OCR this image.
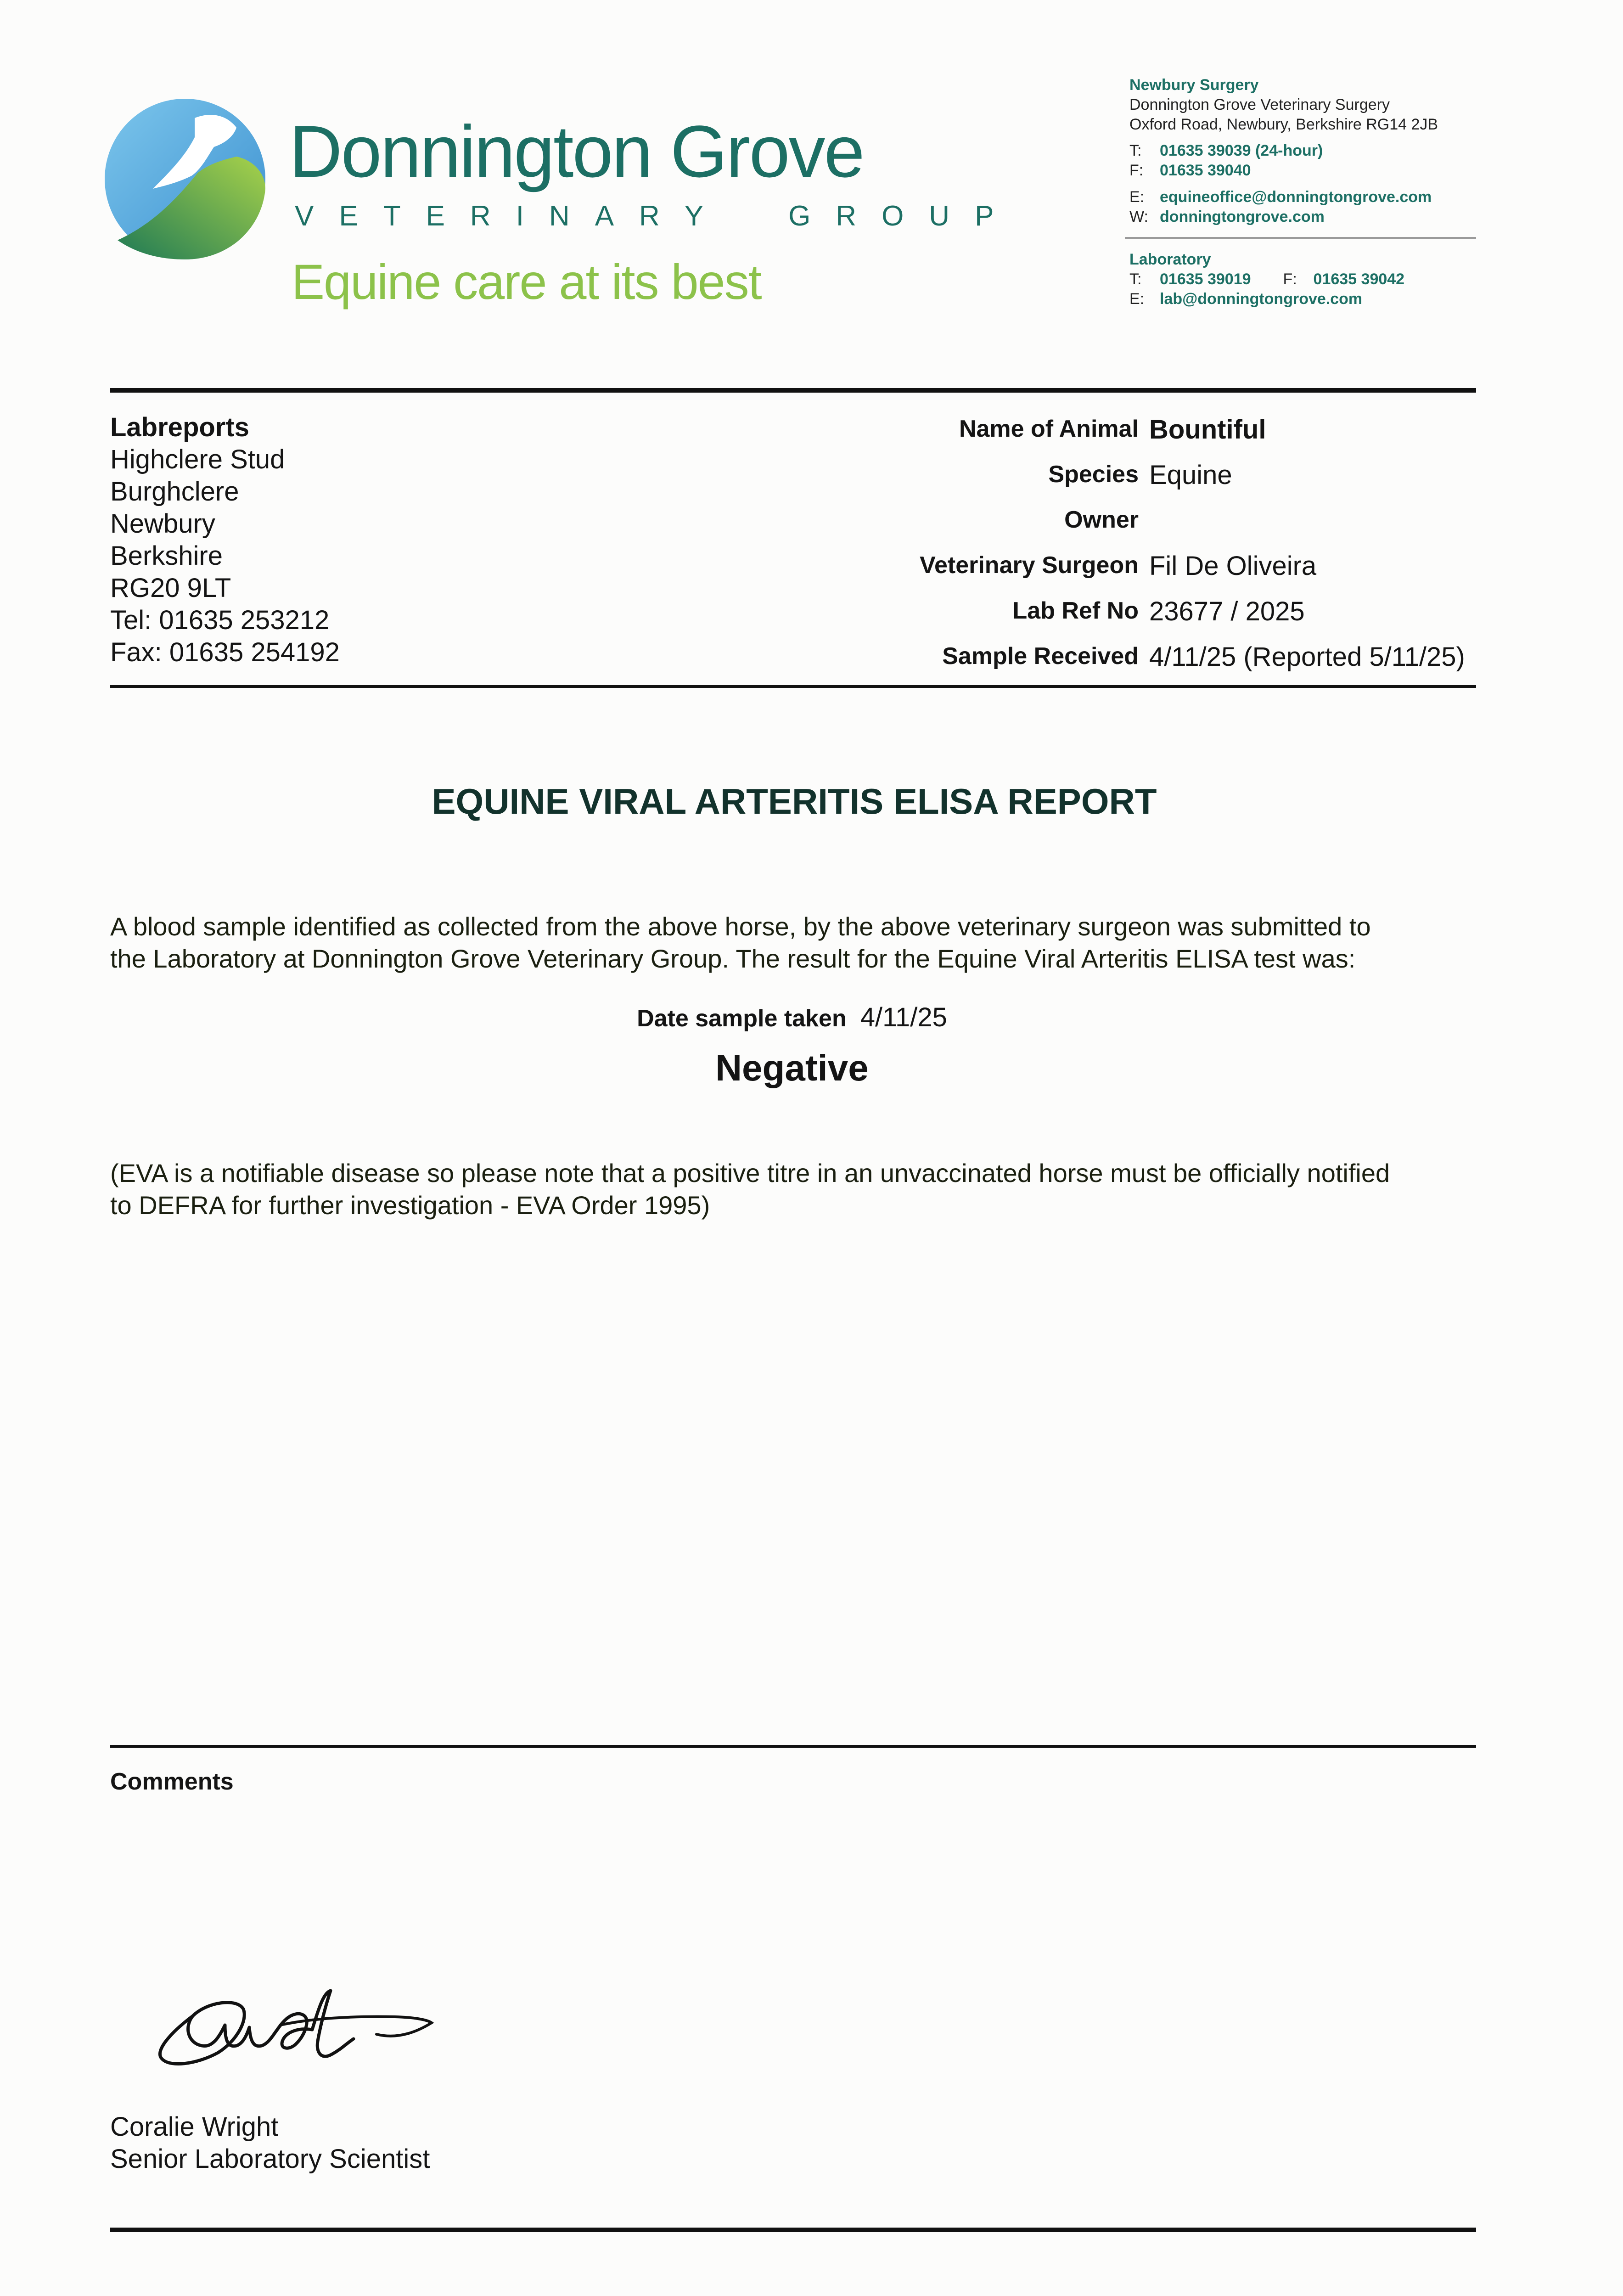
Donnington Grove
VETERINARY GROUP
Equine care at its best
Newbury Surgery
Donnington Grove Veterinary Surgery
Oxford Road, Newbury, Berkshire RG14 2JB
T: 01635 39039 (24-hour)
F: 01635 39040
E: equineoffice@donningtongrove.com
W: donningtongrove.com
Laboratory
T: 01635 39019 F: 01635 39042
E: lab@donningtongrove.com
Labreports
Highclere Stud
Burghclere
Newbury
Berkshire
RG20 9LT
Tel: 01635 253212
Fax: 01635 254192
Name of Animal Bountiful
Species Equine
Owner
Veterinary Surgeon Fil De Oliveira
Lab Ref No 23677 / 2025
Sample Received 4/11/25 (Reported 5/11/25)
EQUINE VIRAL ARTERITIS ELISA REPORT
A blood sample identified as collected from the above horse, by the above veterinary surgeon was submitted to
the Laboratory at Donnington Grove Veterinary Group. The result for the Equine Viral Arteritis ELISA test was:
Date sample taken 4/11/25
Negative
(EVA is a notifiable disease so please note that a positive titre in an unvaccinated horse must be officially notified
to DEFRA for further investigation - EVA Order 1995)
Comments
Coralie Wright
Senior Laboratory Scientist
